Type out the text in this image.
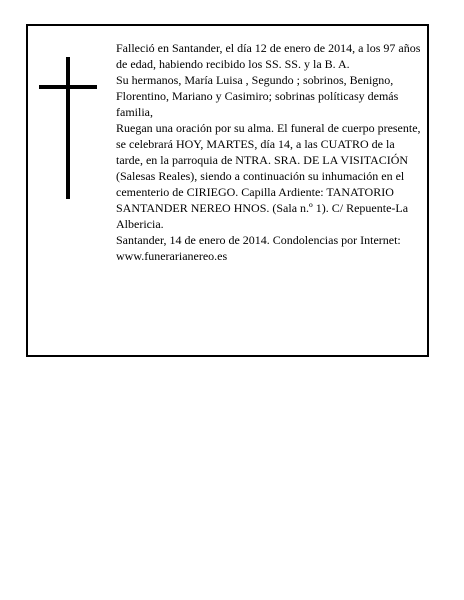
Falleció en Santander, el día 12 de enero de 2014, a los 97 años de edad, habiendo recibido los SS. SS. y la B. A.

Su hermanos, María Luisa , Segundo ; sobrinos, Benigno, Florentino, Mariano y Casimiro; sobrinas políticasy demás familia,

Ruegan una oración por su alma. El funeral de cuerpo presente, se celebrará HOY, MARTES, día 14, a las CUATRO de la tarde, en la parroquia de NTRA. SRA. DE LA VISITACIÓN (Salesas Reales), siendo a continuación su inhumación en el cementerio de CIRIEGO. Capilla Ardiente: TANATORIO SANTANDER NEREO HNOS. (Sala n.º 1). C/ Repuente-La Albericia.

Santander, 14 de enero de 2014. Condolencias por Internet: www.funerarianereo.es
